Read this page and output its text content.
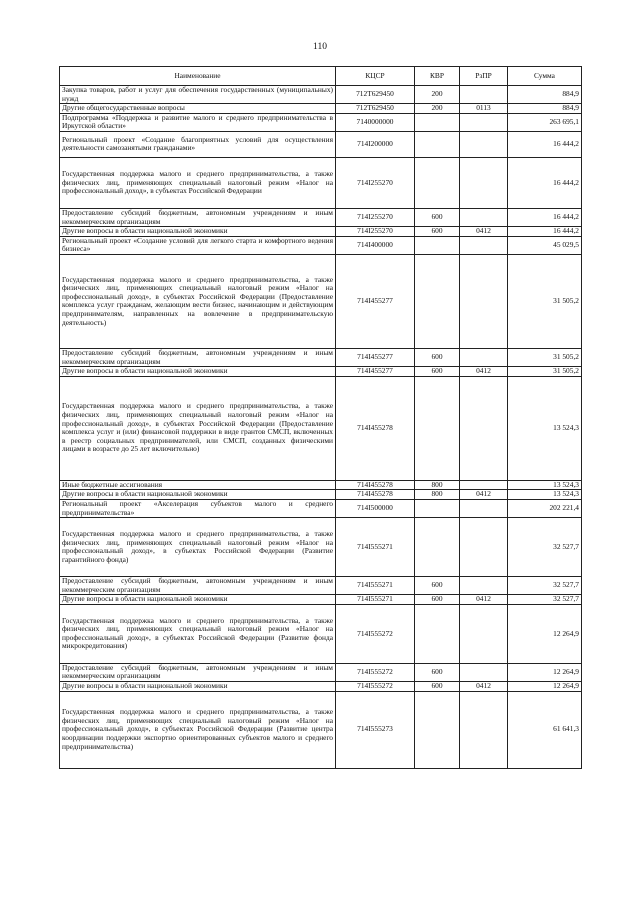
110
Наименование	КЦСР	КВР	РзПР	Сумма
Закупка товаров, работ и услуг для обеспечения государственных (муниципальных) нужд	712Т629450	200		884,9
Другие общегосударственные вопросы	712Т629450	200	0113	884,9
Подпрограмма «Поддержка и развитие малого и среднего предпринимательства в Иркутской области»	7140000000			263 695,1
Региональный проект «Создание благоприятных условий для осуществления деятельности самозанятыми гражданами»	714I200000			16 444,2
Государственная поддержка малого и среднего предпринимательства, а также физических лиц, применяющих специальный налоговый режим «Налог на профессиональный доход», в субъектах Российской Федерации	714I255270			16 444,2
Предоставление субсидий бюджетным, автономным учреждениям и иным некоммерческим организациям	714I255270	600		16 444,2
Другие вопросы в области национальной экономики	714I255270	600	0412	16 444,2
Региональный проект «Создание условий для легкого старта и комфортного ведения бизнеса»	714I400000			45 029,5
Государственная поддержка малого и среднего предпринимательства, а также физических лиц, применяющих специальный налоговый режим «Налог на профессиональный доход», в субъектах Российской Федерации (Предоставление комплекса услуг гражданам, желающим вести бизнес, начинающим и действующим предпринимателям, направленных на вовлечение в предпринимательскую деятельность)	714I455277			31 505,2
Предоставление субсидий бюджетным, автономным учреждениям и иным некоммерческим организациям	714I455277	600		31 505,2
Другие вопросы в области национальной экономики	714I455277	600	0412	31 505,2
Государственная поддержка малого и среднего предпринимательства, а также физических лиц, применяющих специальный налоговый режим «Налог на профессиональный доход», в субъектах Российской Федерации (Предоставление комплекса услуг и (или) финансовой поддержки в виде грантов СМСП, включенных в реестр социальных предпринимателей, или СМСП, созданных физическими лицами в возрасте до 25 лет включительно)	714I455278			13 524,3
Иные бюджетные ассигнования	714I455278	800		13 524,3
Другие вопросы в области национальной экономики	714I455278	800	0412	13 524,3
Региональный проект «Акселерация субъектов малого и среднего предпринимательства»	714I500000			202 221,4
Государственная поддержка малого и среднего предпринимательства, а также физических лиц, применяющих специальный налоговый режим «Налог на профессиональный доход», в субъектах Российской Федерации (Развитие гарантийного фонда)	714I555271			32 527,7
Предоставление субсидий бюджетным, автономным учреждениям и иным некоммерческим организациям	714I555271	600		32 527,7
Другие вопросы в области национальной экономики	714I555271	600	0412	32 527,7
Государственная поддержка малого и среднего предпринимательства, а также физических лиц, применяющих специальный налоговый режим «Налог на профессиональный доход», в субъектах Российской Федерации (Развитие фонда микрокредитования)	714I555272			12 264,9
Предоставление субсидий бюджетным, автономным учреждениям и иным некоммерческим организациям	714I555272	600		12 264,9
Другие вопросы в области национальной экономики	714I555272	600	0412	12 264,9
Государственная поддержка малого и среднего предпринимательства, а также физических лиц, применяющих специальный налоговый режим «Налог на профессиональный доход», в субъектах Российской Федерации (Развитие центра координации поддержки экспортно ориентированных субъектов малого и среднего предпринимательства)	714I555273			61 641,3
